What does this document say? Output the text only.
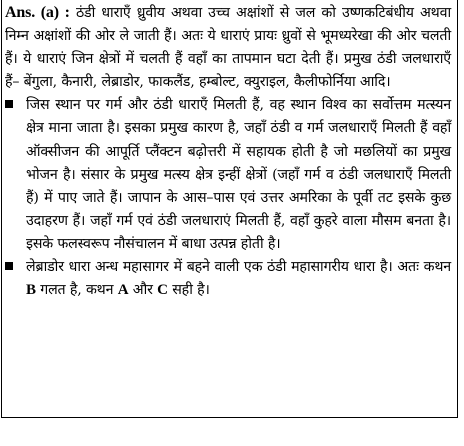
Ans. (a) : ठंडी धाराएँ ध्रुवीय अथवा उच्च अक्षांशों से जल को उष्णकटिबंधीय अथवा निम्न अक्षांशों की ओर ले जाती हैं। अतः ये धाराएं प्रायः ध्रुवों से भूमध्यरेखा की ओर चलती हैं। ये धाराएं जिन क्षेत्रों में चलती हैं वहाँ का तापमान घटा देती हैं। प्रमुख ठंडी जलधाराएँ हैं– बेंगुला, कैनारी, लेब्राडोर, फाकलैंड, हम्बोल्ट, क्युराइल, कैलीफोर्निया आदि।
जिस स्थान पर गर्म और ठंडी धाराएँ मिलती हैं, वह स्थान विश्व का सर्वोत्तम मत्स्यन क्षेत्र माना जाता है। इसका प्रमुख कारण है, जहाँ ठंडी व गर्म जलधाराएँ मिलती हैं वहाँ ऑक्सीजन की आपूर्ति प्लैंक्टन बढ़ोत्तरी में सहायक होती है जो मछलियों का प्रमुख भोजन है। संसार के प्रमुख मत्स्य क्षेत्र इन्हीं क्षेत्रों (जहाँ गर्म व ठंडी जलधाराएँ मिलती हैं) में पाए जाते हैं। जापान के आस–पास एवं उत्तर अमरिका के पूर्वी तट इसके कुछ उदाहरण हैं। जहाँ गर्म एवं ठंडी जलधाराएं मिलती हैं, वहाँ कुहरे वाला मौसम बनता है। इसके फलस्वरूप नौसंचालन में बाधा उत्पन्न होती है।
लेब्राडोर धारा अन्ध महासागर में बहने वाली एक ठंडी महासागरीय धारा है। अतः कथन B गलत है, कथन A और C सही है।
